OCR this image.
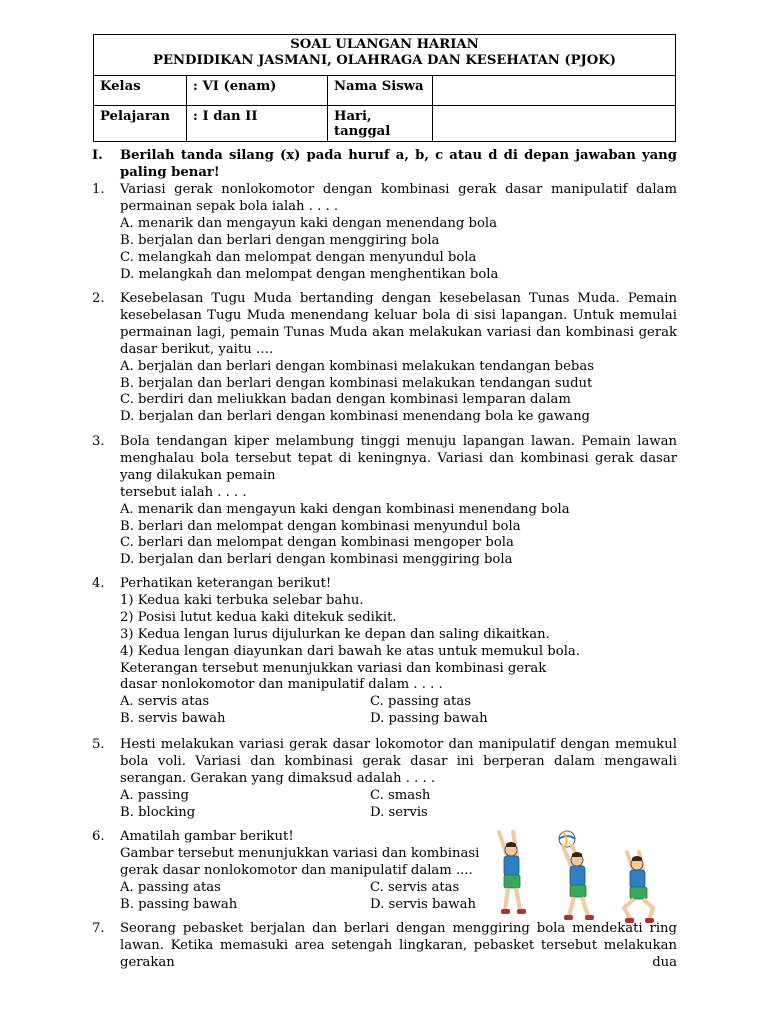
SOAL ULANGAN HARIAN
PENDIDIKAN JASMANI, OLAHRAGA DAN KESEHATAN (PJOK)			

Kelas	: VI (enam)	Nama Siswa	
Pelajaran	: I dan II	Hari, tanggal	
I. Berilah tanda silang (x) pada huruf a, b, c atau d di depan jawaban yang paling benar!
1. Variasi gerak nonlokomotor dengan kombinasi gerak dasar manipulatif dalam permainan sepak bola ialah . . . .
A. menarik dan mengayun kaki dengan menendang bola
B. berjalan dan berlari dengan menggiring bola
C. melangkah dan melompat dengan menyundul bola
D. melangkah dan melompat dengan menghentikan bola
2. Kesebelasan Tugu Muda bertanding dengan kesebelasan Tunas Muda. Pemain kesebelasan Tugu Muda menendang keluar bola di sisi lapangan. Untuk memulai permainan lagi, pemain Tunas Muda akan melakukan variasi dan kombinasi gerak dasar berikut, yaitu ….
A. berjalan dan berlari dengan kombinasi melakukan tendangan bebas
B. berjalan dan berlari dengan kombinasi melakukan tendangan sudut
C. berdiri dan meliukkan badan dengan kombinasi lemparan dalam
D. berjalan dan berlari dengan kombinasi menendang bola ke gawang
3. Bola tendangan kiper melambung tinggi menuju lapangan lawan. Pemain lawan menghalau bola tersebut tepat di keningnya. Variasi dan kombinasi gerak dasar yang dilakukan pemain
tersebut ialah . . . .
A. menarik dan mengayun kaki dengan kombinasi menendang bola
B. berlari dan melompat dengan kombinasi menyundul bola
C. berlari dan melompat dengan kombinasi mengoper bola
D. berjalan dan berlari dengan kombinasi menggiring bola
4. Perhatikan keterangan berikut!
1) Kedua kaki terbuka selebar bahu.
2) Posisi lutut kedua kaki ditekuk sedikit.
3) Kedua lengan lurus dijulurkan ke depan dan saling dikaitkan.
4) Kedua lengan diayunkan dari bawah ke atas untuk memukul bola.
Keterangan tersebut menunjukkan variasi dan kombinasi gerak
dasar nonlokomotor dan manipulatif dalam . . . .
A. servis atas	C. passing atas
B. servis bawah	D. passing bawah
5. Hesti melakukan variasi gerak dasar lokomotor dan manipulatif dengan memukul bola voli. Variasi dan kombinasi gerak dasar ini berperan dalam mengawali serangan. Gerakan yang dimaksud adalah . . . .
A. passing	C. smash
B. blocking	D. servis
6. Amatilah gambar berikut!
Gambar tersebut menunjukkan variasi dan kombinasi
gerak dasar nonlokomotor dan manipulatif dalam ....
A. passing atas	C. servis atas
B. passing bawah	D. servis bawah
7. Seorang pebasket berjalan dan berlari dengan menggiring bola mendekati ring lawan. Ketika memasuki area setengah lingkaran, pebasket tersebut melakukan gerakan dua
